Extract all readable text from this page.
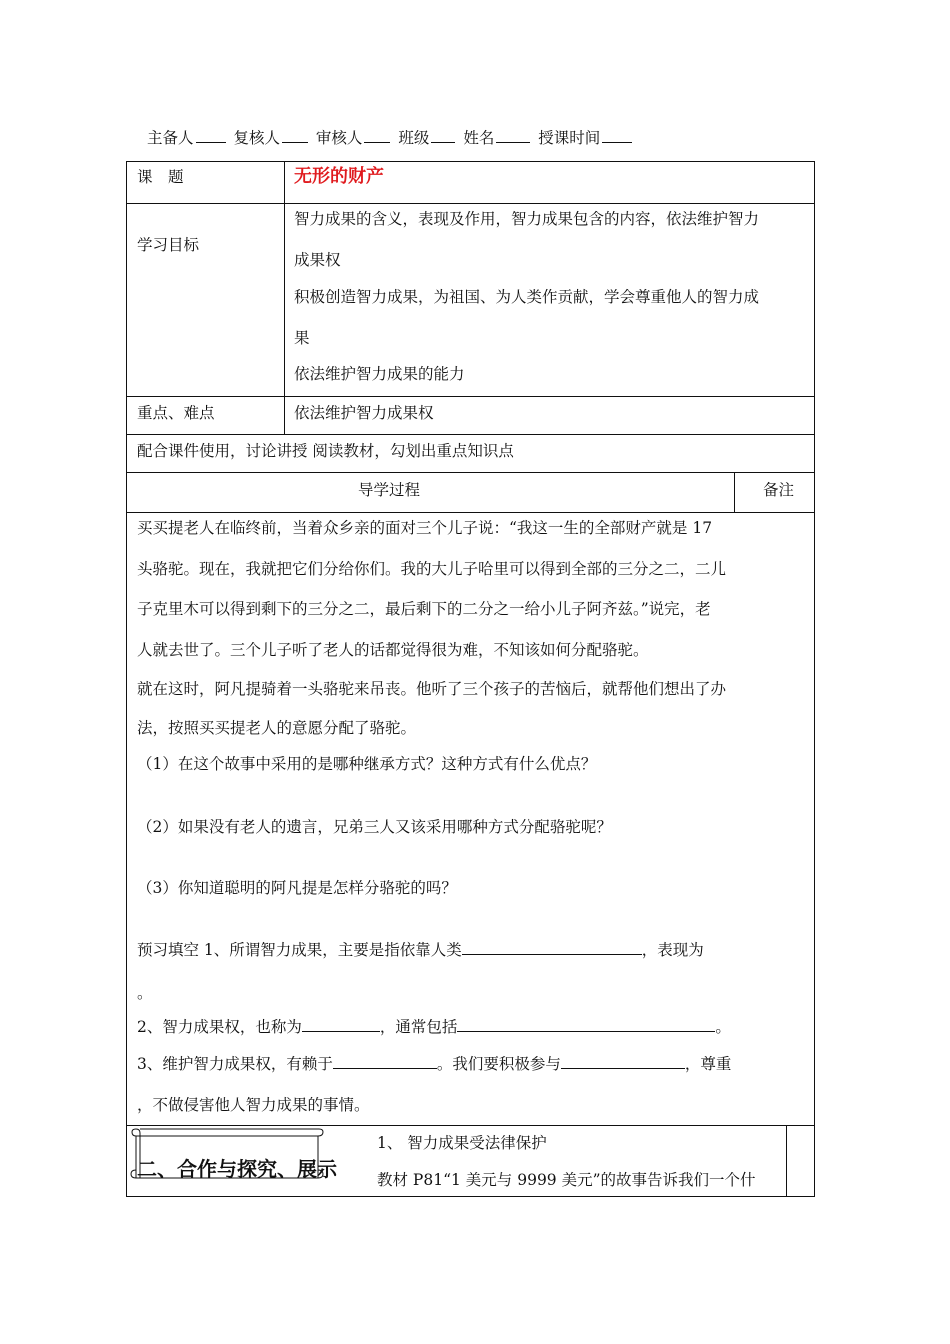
主备人	复核人 审核人 班级 姓名	授课时间
课　题	无形的财产
学习目标
智力成果的含义，表现及作用，智力成果包含的内容，依法维护智力
成果权
积极创造智力成果，为祖国、为人类作贡献，学会尊重他人的智力成
果
依法维护智力成果的能力
重点、难点	依法维护智力成果权
配合课件使用，讨论讲授 阅读教材，勾划出重点知识点
导学过程	备注
买买提老人在临终前，当着众乡亲的面对三个儿子说：“我这一生的全部财产就是 17
头骆驼。现在，我就把它们分给你们。我的大儿子哈里可以得到全部的三分之二，二儿
子克里木可以得到剩下的三分之二，最后剩下的二分之一给小儿子阿齐兹。”说完，老
人就去世了。三个儿子听了老人的话都觉得很为难，不知该如何分配骆驼。
就在这时，阿凡提骑着一头骆驼来吊丧。他听了三个孩子的苦恼后，就帮他们想出了办
法，按照买买提老人的意愿分配了骆驼。
（1）在这个故事中采用的是哪种继承方式？这种方式有什么优点？
（2）如果没有老人的遗言，兄弟三人又该采用哪种方式分配骆驼呢？
（3）你知道聪明的阿凡提是怎样分骆驼的吗？
预习填空 1、所谓智力成果，主要是指依靠人类	，表现为
。
2、智力成果权，也称为	，通常包括	。
3、维护智力成果权，有赖于	。我们要积极参与	，尊重
，不做侵害他人智力成果的事情。
二、合作与探究、展示
1、 智力成果受法律保护
教材 P81“1 美元与 9999 美元”的故事告诉我们一个什
